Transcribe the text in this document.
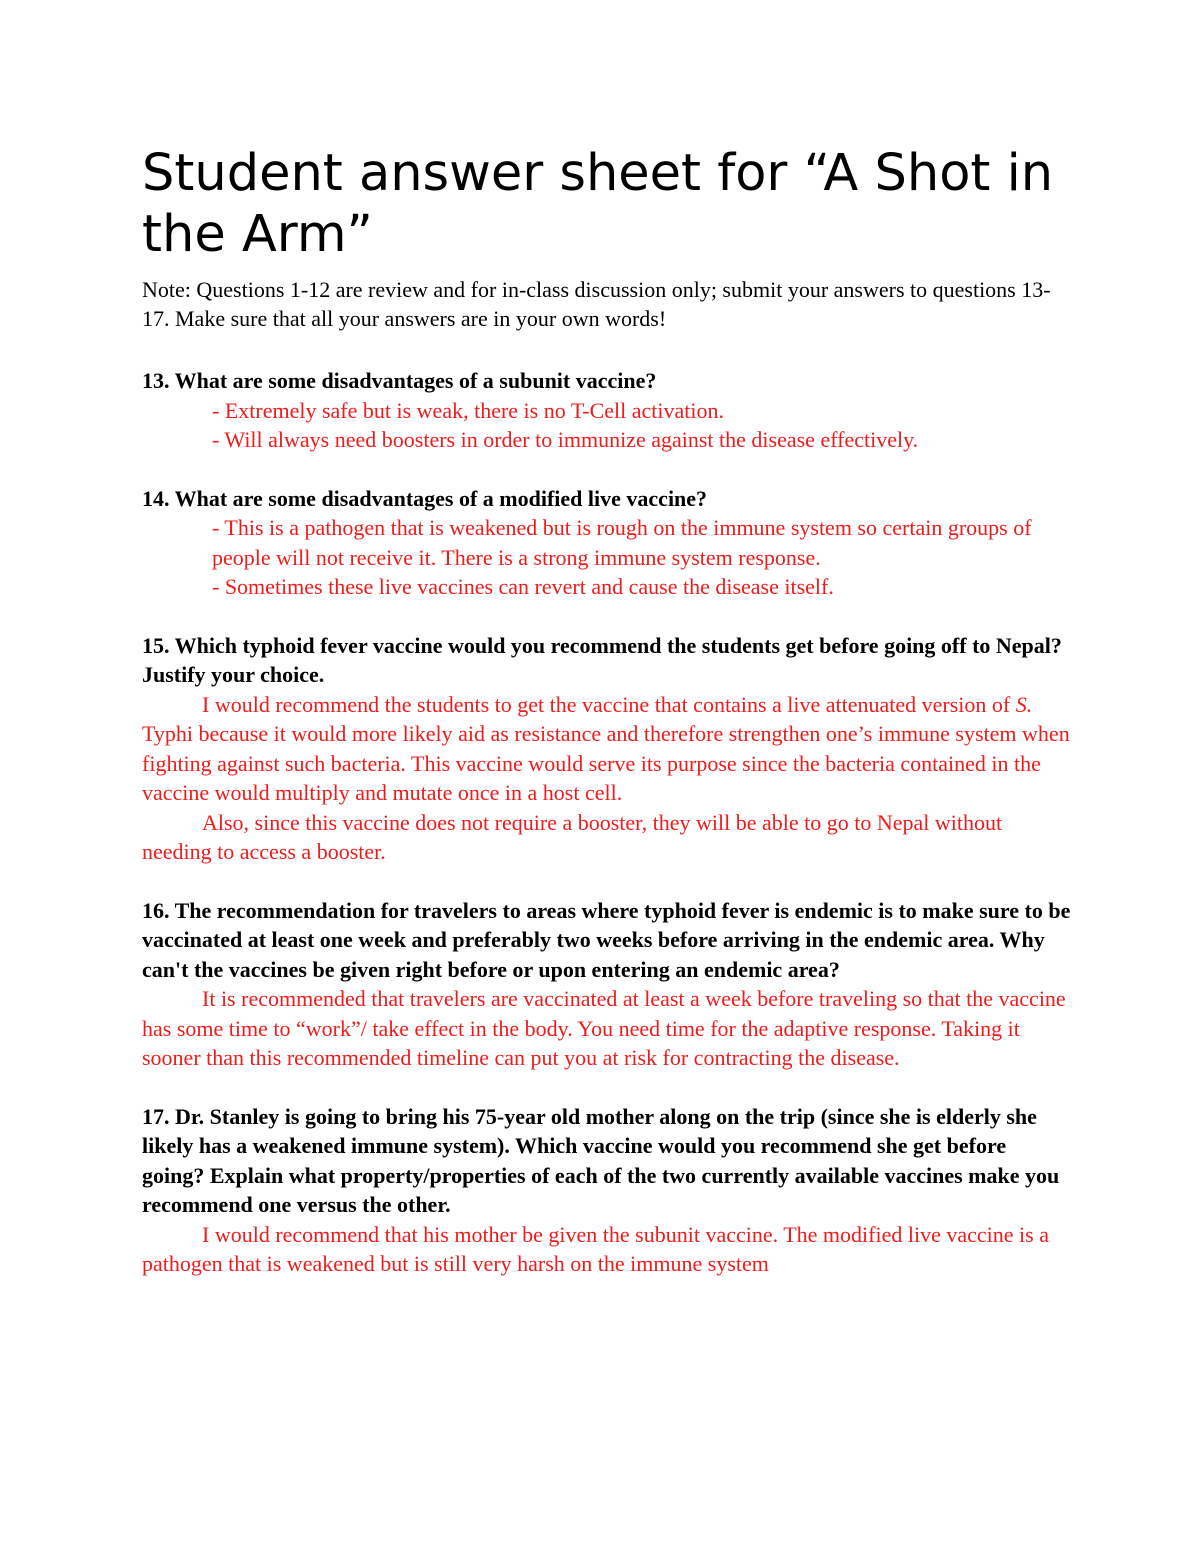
Student answer sheet for “A Shot in the Arm”
Note: Questions 1-12 are review and for in-class discussion only; submit your answers to questions 13-17. Make sure that all your answers are in your own words!
13. What are some disadvantages of a subunit vaccine?
- Extremely safe but is weak, there is no T-Cell activation.
- Will always need boosters in order to immunize against the disease effectively.
14. What are some disadvantages of a modified live vaccine?
- This is a pathogen that is weakened but is rough on the immune system so certain groups of people will not receive it. There is a strong immune system response.
- Sometimes these live vaccines can revert and cause the disease itself.
15. Which typhoid fever vaccine would you recommend the students get before going off to Nepal? Justify your choice.
I would recommend the students to get the vaccine that contains a live attenuated version of S. Typhi because it would more likely aid as resistance and therefore strengthen one’s immune system when fighting against such bacteria. This vaccine would serve its purpose since the bacteria contained in the vaccine would multiply and mutate once in a host cell.
Also, since this vaccine does not require a booster, they will be able to go to Nepal without needing to access a booster.
16. The recommendation for travelers to areas where typhoid fever is endemic is to make sure to be vaccinated at least one week and preferably two weeks before arriving in the endemic area. Why can't the vaccines be given right before or upon entering an endemic area?
It is recommended that travelers are vaccinated at least a week before traveling so that the vaccine has some time to “work”/ take effect in the body. You need time for the adaptive response. Taking it sooner than this recommended timeline can put you at risk for contracting the disease.
17. Dr. Stanley is going to bring his 75-year old mother along on the trip (since she is elderly she likely has a weakened immune system). Which vaccine would you recommend she get before going? Explain what property/properties of each of the two currently available vaccines make you recommend one versus the other.
I would recommend that his mother be given the subunit vaccine. The modified live vaccine is a pathogen that is weakened but is still very harsh on the immune system
